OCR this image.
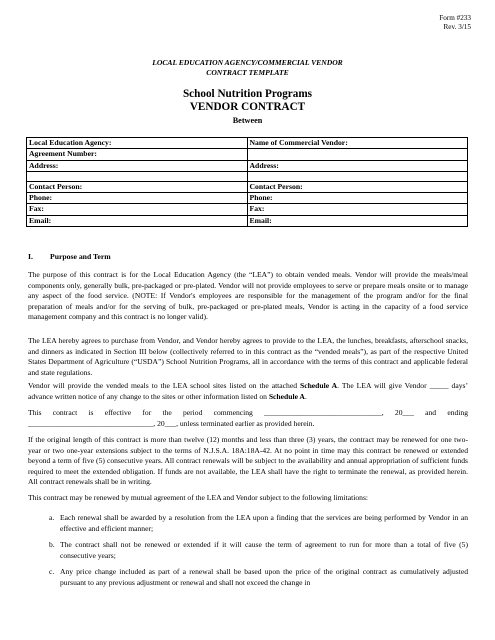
Form #233
Rev. 3/15
LOCAL EDUCATION AGENCY/COMMERCIAL VENDOR
CONTRACT TEMPLATE
School Nutrition Programs
VENDOR CONTRACT
Between
Local Education Agency:	Name of Commercial Vendor:
Agreement Number:	
Address:	Address:

Contact Person:	Contact Person:
Phone:	Phone:
Fax:	Fax:
Email:	Email:
I. Purpose and Term

The purpose of this contract is for the Local Education Agency (the “LEA”) to obtain vended meals. Vendor will provide the meals/meal components only, generally bulk, pre-packaged or pre-plated. Vendor will not provide employees to serve or prepare meals onsite or to manage any aspect of the food service. (NOTE: If Vendor's employees are responsible for the management of the program and/or for the final preparation of meals and/or for the serving of bulk, pre-packaged or pre-plated meals, Vendor is acting in the capacity of a food service management company and this contract is no longer valid).

The LEA hereby agrees to purchase from Vendor, and Vendor hereby agrees to provide to the LEA, the lunches, breakfasts, afterschool snacks, and dinners as indicated in Section III below (collectively referred to in this contract as the “vended meals”), as part of the respective United States Department of Agriculture (“USDA”) School Nutrition Programs, all in accordance with the terms of this contract and applicable federal and state regulations.

Vendor will provide the vended meals to the LEA school sites listed on the attached Schedule A. The LEA will give Vendor _____ days’ advance written notice of any change to the sites or other information listed on Schedule A.

This contract is effective for the period commencing _______________________________, 20___ and ending _________________________________, 20___, unless terminated earlier as provided herein.

If the original length of this contract is more than twelve (12) months and less than three (3) years, the contract may be renewed for one two-year or two one-year extensions subject to the terms of N.J.S.A. 18A:18A-42. At no point in time may this contract be renewed or extended beyond a term of five (5) consecutive years. All contract renewals will be subject to the availability and annual appropriation of sufficient funds required to meet the extended obligation. If funds are not available, the LEA shall have the right to terminate the renewal, as provided herein. All contract renewals shall be in writing.

This contract may be renewed by mutual agreement of the LEA and Vendor subject to the following limitations:

a. Each renewal shall be awarded by a resolution from the LEA upon a finding that the services are being performed by Vendor in an effective and efficient manner;
b. The contract shall not be renewed or extended if it will cause the term of agreement to run for more than a total of five (5) consecutive years;
c. Any price change included as part of a renewal shall be based upon the price of the original contract as cumulatively adjusted pursuant to any previous adjustment or renewal and shall not exceed the change in
